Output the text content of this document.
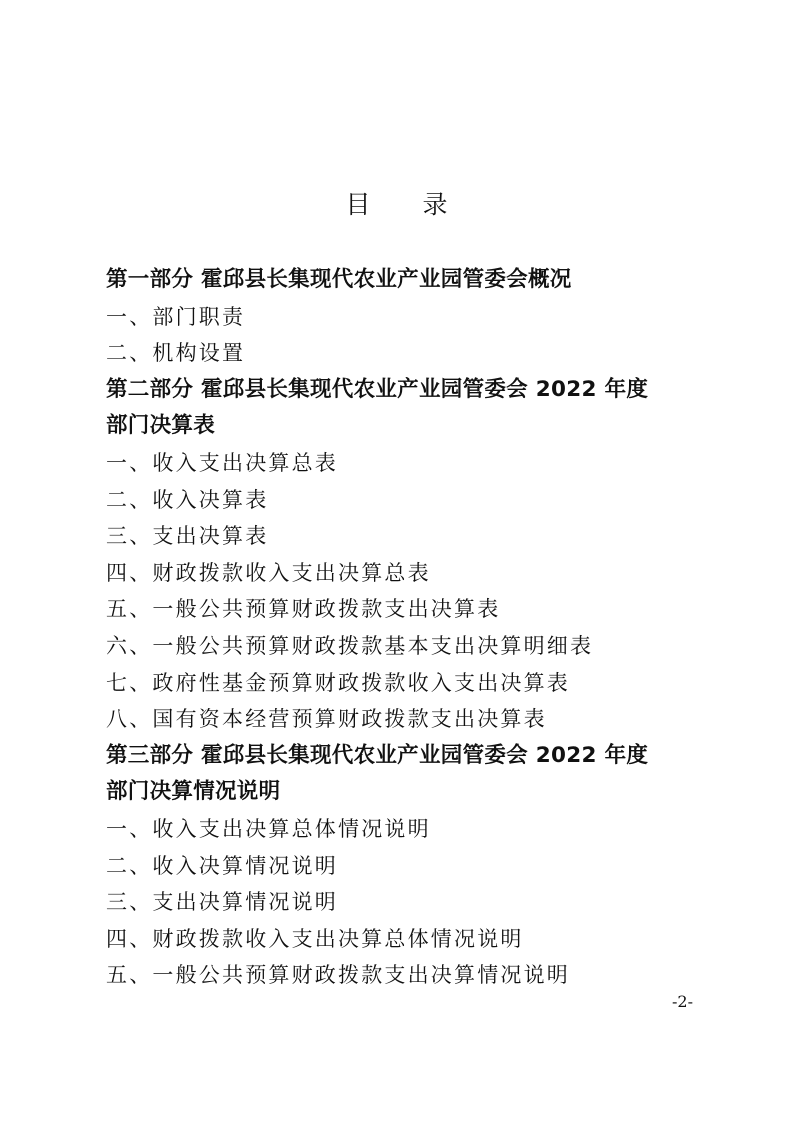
目 录
第一部分 霍邱县长集现代农业产业园管委会概况
一、部门职责
二、机构设置
第二部分 霍邱县长集现代农业产业园管委会 2022 年度
部门决算表
一、收入支出决算总表
二、收入决算表
三、支出决算表
四、财政拨款收入支出决算总表
五、一般公共预算财政拨款支出决算表
六、一般公共预算财政拨款基本支出决算明细表
七、政府性基金预算财政拨款收入支出决算表
八、国有资本经营预算财政拨款支出决算表
第三部分 霍邱县长集现代农业产业园管委会 2022 年度
部门决算情况说明
一、收入支出决算总体情况说明
二、收入决算情况说明
三、支出决算情况说明
四、财政拨款收入支出决算总体情况说明
五、一般公共预算财政拨款支出决算情况说明
-2-
